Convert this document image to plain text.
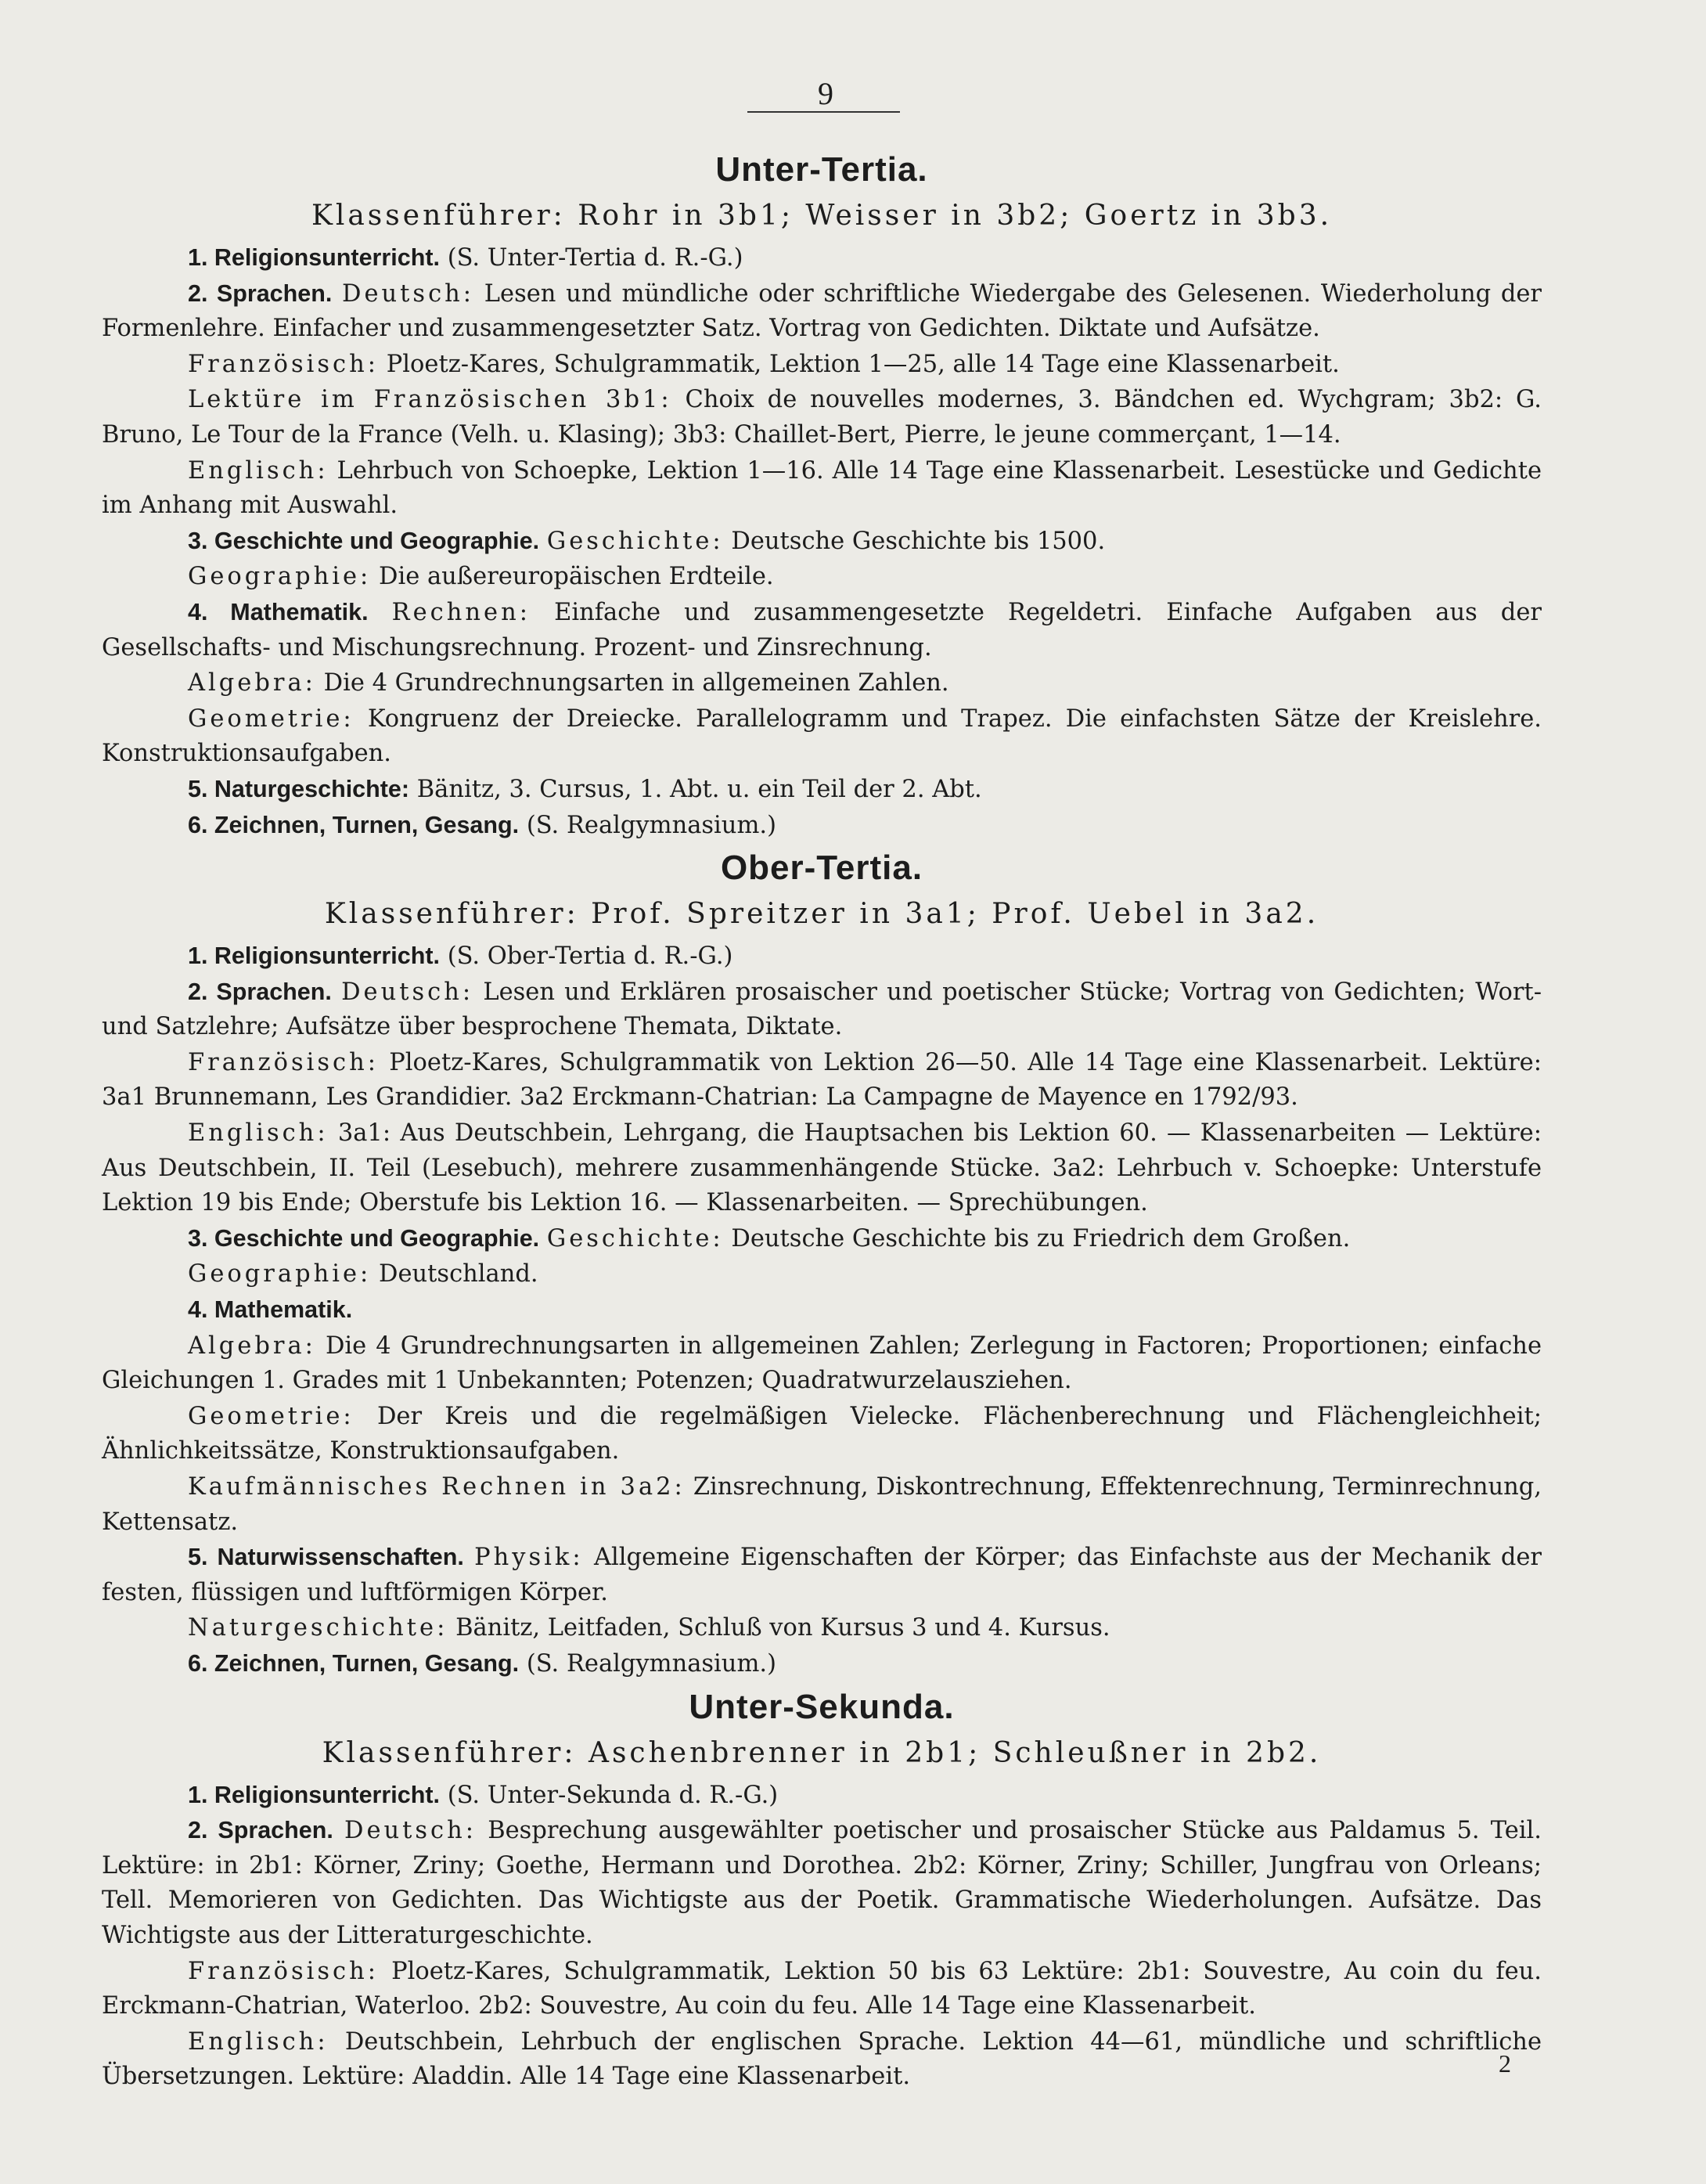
9
Unter-Tertia.
Klassenführer: Rohr in 3b1; Weisser in 3b2; Goertz in 3b3.

1. Religionsunterricht. (S. Unter-Tertia d. R.-G.)

2. Sprachen. Deutsch: Lesen und mündliche oder schriftliche Wiedergabe des Gelesenen. Wiederholung der Formenlehre. Einfacher und zusammengesetzter Satz. Vortrag von Gedichten. Diktate und Aufsätze.

Französisch: Ploetz-Kares, Schulgrammatik, Lektion 1—25, alle 14 Tage eine Klassenarbeit.

Lektüre im Französischen 3b1: Choix de nouvelles modernes, 3. Bändchen ed. Wychgram; 3b2: G. Bruno, Le Tour de la France (Velh. u. Klasing); 3b3: Chaillet-Bert, Pierre, le jeune commerçant, 1—14.

Englisch: Lehrbuch von Schoepke, Lektion 1—16. Alle 14 Tage eine Klassenarbeit. Lesestücke und Gedichte im Anhang mit Auswahl.

3. Geschichte und Geographie. Geschichte: Deutsche Geschichte bis 1500.

Geographie: Die außereuropäischen Erdteile.

4. Mathematik. Rechnen: Einfache und zusammengesetzte Regeldetri. Einfache Aufgaben aus der Gesellschafts- und Mischungsrechnung. Prozent- und Zinsrechnung.

Algebra: Die 4 Grundrechnungsarten in allgemeinen Zahlen.

Geometrie: Kongruenz der Dreiecke. Parallelogramm und Trapez. Die einfachsten Sätze der Kreislehre. Konstruktionsaufgaben.

5. Naturgeschichte: Bänitz, 3. Cursus, 1. Abt. u. ein Teil der 2. Abt.

6. Zeichnen, Turnen, Gesang. (S. Realgymnasium.)

Ober-Tertia.
Klassenführer: Prof. Spreitzer in 3a1; Prof. Uebel in 3a2.

1. Religionsunterricht. (S. Ober-Tertia d. R.-G.)

2. Sprachen. Deutsch: Lesen und Erklären prosaischer und poetischer Stücke; Vortrag von Gedichten; Wort- und Satzlehre; Aufsätze über besprochene Themata, Diktate.

Französisch: Ploetz-Kares, Schulgrammatik von Lektion 26—50. Alle 14 Tage eine Klassenarbeit. Lektüre: 3a1 Brunnemann, Les Grandidier. 3a2 Erckmann-Chatrian: La Campagne de Mayence en 1792/93.

Englisch: 3a1: Aus Deutschbein, Lehrgang, die Hauptsachen bis Lektion 60. — Klassenarbeiten — Lektüre: Aus Deutschbein, II. Teil (Lesebuch), mehrere zusammenhängende Stücke. 3a2: Lehrbuch v. Schoepke: Unterstufe Lektion 19 bis Ende; Oberstufe bis Lektion 16. — Klassenarbeiten. — Sprechübungen.

3. Geschichte und Geographie. Geschichte: Deutsche Geschichte bis zu Friedrich dem Großen.

Geographie: Deutschland.

4. Mathematik.

Algebra: Die 4 Grundrechnungsarten in allgemeinen Zahlen; Zerlegung in Factoren; Proportionen; einfache Gleichungen 1. Grades mit 1 Unbekannten; Potenzen; Quadratwurzelausziehen.

Geometrie: Der Kreis und die regelmäßigen Vielecke. Flächenberechnung und Flächengleichheit; Ähnlichkeitssätze, Konstruktionsaufgaben.

Kaufmännisches Rechnen in 3a2: Zinsrechnung, Diskontrechnung, Effektenrechnung, Terminrechnung, Kettensatz.

5. Naturwissenschaften. Physik: Allgemeine Eigenschaften der Körper; das Einfachste aus der Mechanik der festen, flüssigen und luftförmigen Körper.

Naturgeschichte: Bänitz, Leitfaden, Schluß von Kursus 3 und 4. Kursus.

6. Zeichnen, Turnen, Gesang. (S. Realgymnasium.)

Unter-Sekunda.
Klassenführer: Aschenbrenner in 2b1; Schleußner in 2b2.

1. Religionsunterricht. (S. Unter-Sekunda d. R.-G.)

2. Sprachen. Deutsch: Besprechung ausgewählter poetischer und prosaischer Stücke aus Paldamus 5. Teil. Lektüre: in 2b1: Körner, Zriny; Goethe, Hermann und Dorothea. 2b2: Körner, Zriny; Schiller, Jungfrau von Orleans; Tell. Memorieren von Gedichten. Das Wichtigste aus der Poetik. Grammatische Wiederholungen. Aufsätze. Das Wichtigste aus der Litteraturgeschichte.

Französisch: Ploetz-Kares, Schulgrammatik, Lektion 50 bis 63 Lektüre: 2b1: Souvestre, Au coin du feu. Erckmann-Chatrian, Waterloo. 2b2: Souvestre, Au coin du feu. Alle 14 Tage eine Klassenarbeit.

Englisch: Deutschbein, Lehrbuch der englischen Sprache. Lektion 44—61, mündliche und schriftliche Übersetzungen. Lektüre: Aladdin. Alle 14 Tage eine Klassenarbeit.	2
